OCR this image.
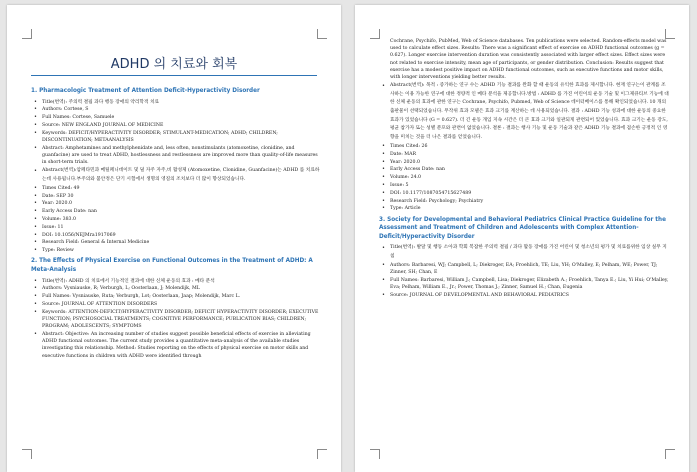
ADHD 의 치료와 회복
1. Pharmacologic Treatment of Attention Deficit-Hyperactivity Disorder
• Title(번역): 주의력 결핍 과다 행동 장애의 약리학적 치료
• Authors: Cortese, S
• Full Names: Cortese, Samuele
• Source: NEW ENGLAND JOURNAL OF MEDICINE
• Keywords: DEFICIT/HYPERACTIVITY DISORDER; STIMULANT-MEDICATION; ADHD; CHILDREN; DISCONTINUATION; METAANALYSIS
• Abstract: Amphetamines and methylphenidate and, less often, nonstimulants (atomoxetine, clonidine, and guanfacine) are used to treat ADHD, hostlessness and restlessness are improved more than quality-of-life measures in short-term trials.
• Abstract(번역):암페타민과 메틸페니데이트 및 덜 자주 자주,비 활성제 (Atomoxetine, Clonidine, Guanfacine)는 ADHD 를 치료하는데 사용됩니다.부주의와 불안정은 단기 시험에서 생명의 영질의 조치보다 더 많이 향상되었습니다.
• Times Cited: 49
• Date: SEP 30
• Year: 2020.0
• Early Access Date: nan
• Volume: 383.0
• Issue: 11
• DOI: 10.1056/NEJMra1917069
• Research Field: General & Internal Medicine
• Type: Review
2. The Effects of Physical Exercise on Functional Outcomes in the Treatment of ADHD: A Meta-Analysis
• Title(번역): ADHD 의 치료에서 기능적인 결과에 대한 신체 운동의 효과 : 메타 분석
• Authors: Vysniauske, R; Verburgh, L; Oosterlaan, J; Molendijk, ML
• Full Names: Vysniauske, Ruta; Verburgh, Lot; Oosterlaan, Jaap; Molendijk, Marc L.
• Source: JOURNAL OF ATTENTION DISORDERS
• Keywords: ATTENTION-DEFICIT/HYPERACTIVITY DISORDER; DEFICIT HYPERACTIVITY DISORDER; EXECUTIVE FUNCTION; PSYCHOSOCIAL TREATMENTS; COGNITIVE PERFORMANCE; PUBLICATION BIAS; CHILDREN; PROGRAM; ADOLESCENTS; SYMPTOMS
• Abstract: Objective: An increasing number of studies suggest possible beneficial effects of exercise in alleviating ADHD functional outcomes. The current study provides a quantitative meta-analysis of the available studies investigating this relationship. Method: Studies reporting on the effects of physical exercise on motor skills and executive functions in children with ADHD were identified through
Cochrane, Psychifo, PubMed, Web of Science databases. Ten publications were selected. Random-effects model was used to calculate effect sizes. Results: There was a significant effect of exercise on ADHD functional outcomes (g = 0.627). Longer exercise intervention duration was consistently associated with larger effect sizes. Effect sizes were not related to exercise intensity, mean age of participants, or gender distribution. Conclusion: Results suggest that exercise has a modest positive impact on ADHD functional outcomes, such as executive functions and motor skills, with longer interventions yielding better results.
• Abstract(번역): 목적 : 증가하는 연구 수는 ADHD 기능 결과를 완화 할 때 운동의 유익한 효과를 제시합니다. 현재 연구는이 관계를 조사하는 이용 가능한 연구에 대한 정량적 인 메타 분석을 제공합니다.방법 : ADHD 를 가진 어린이의 운동 기술 및 이그제큐티브 기능에 대한 신체 운동의 효과에 관한 연구는 Cochrane, Psychifo, Pubmed, Web of Science 데이터베이스를 통해 확인되었습니다. 10 개의 출판물이 선택되었습니다. 무작위 효과 모델은 효과 크기를 계산하는 데 사용되었습니다. 결과 : ADHD 기능 성과에 대한 운동의 중요한 효과가 있었습니다 (G = 0.627). 더 긴 운동 개입 지속 시간은 더 큰 효과 크기와 일관되게 관련되어 있었습니다. 효과 크기는 운동 강도, 평균 참가자 또는 성별 분포와 관련이 없었습니다. 결론 : 결과는 행사 기능 및 운동 기술과 같은 ADHD 기능 결과에 겸손한 긍정적 인 영향을 미치는 것을 더 나은 결과를 얻었습니다.
• Times Cited: 26
• Date: MAR
• Year: 2020.0
• Early Access Date: nan
• Volume: 24.0
• Issue: 5
• DOI: 10.1177/1087054715627489
• Research Field: Psychology; Psychiatry
• Type: Article
3. Society for Developmental and Behavioral Pediatrics Clinical Practice Guideline for the Assessment and Treatment of Children and Adolescents with Complex Attention-Deficit/Hyperactivity Disorder
• Title(번역): 발달 및 행동 소아과 학회 복잡한 주의력 결핍 / 과다 활동 장애를 가진 어린이 및 청소년의 평가 및 치료를위한 임상 실무 지침
• Authors: Barbaresi, WJ; Campbell, L; Diekroger, EA; Froehlich, TE; Liu, YH; O'Malley, E; Pelham, WE; Power, TJ; Zinner, SH; Chan, E
• Full Names: Barbaresi, William J.; Campbell, Lisa; Diekroger, Elizabeth A.; Froehlich, Tanya E.; Liu, Yi Hui; O'Malley, Eva; Pelham, William E., Jr.; Power, Thomas J.; Zinner, Samuel H.; Chan, Eugenia
• Source: JOURNAL OF DEVELOPMENTAL AND BEHAVIORAL PEDIATRICS
